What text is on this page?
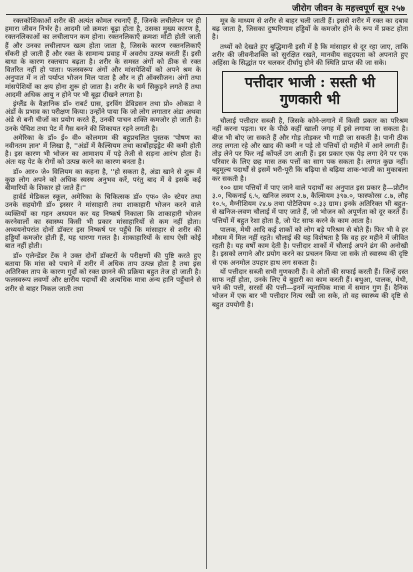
जीरोग जीवन के महत्त्वपूर्ण सूत्र २५७

रक्तकोशिकाओं शरीर की अत्यंत कोमल रचनाएँ हैं, जिनके लचीलेपन पर ही हमारा जीवन निर्भर है। आदमी जो क्रमशः बूढ़ा होता है, उसका मुख्य कारण है, रक्तनलिकाओं का लचीलापन कम होना। रक्तनलिकाएँ क्रमशः मोटी होती जाती हैं और उनका लचीलापन खत्म होता जाता है, जिसके कारण रक्तनलिकाएँ सँकरी हो जाती हैं और रक्त के सामान्य प्रवाह में अवरोध उत्पन्न करती हैं। इसी बाधा के कारण रक्तचाप बढ़ता है। शरीर के समस्त अंगों को ठीक से रक्त वितरित नहीं हो पाता। फलस्वरूप अंगों और मांसपेशियों को अपने श्रम के अनुपात में न तो पर्याप्त भोजन मिल पाता है और न ही ऑक्सीजन। अंगों तथा मांसपेशियों का क्षय होना शुरू हो जाता है। शरीर के चर्म सिकुड़ने लगते हैं तथा आदमी अधिक आयु न होने पर भी बूढ़ा दीखने लगता है।

इंग्लैंड के वैज्ञानिक डॉ० राबर्ट ग्रास, इरविंग डेविडसन तथा प्रो० ओकडा ने अंडों के प्रभाव का परीक्षण किया। उन्होंने पाया कि जो लोग लगातार अंडा अथवा अंडे से बनी चीजों का प्रयोग करते हैं, उनकी पाचन शक्ति कमजोर हो जाती है। उनके पेचिश तथा पेट में गैस बनने की शिकायत रहने लगती है।

अमेरिका के डॉ० ई० वी० कोलमाम की बहुप्रचलित पुस्तक 'पोषण का नवीनतम ज्ञान' में लिखा है, ''अंडों में कैल्सियम तथा कार्बोहाइड्रेट की कमी होती है। इस कारण भी भोजन का आमाशय में पड़े तेजी से सड़ना आरंभ होता है। अंतः यह पेट के रोगों को उत्पन्न करने का कारण बनता है।

डॉ० आर० जे० विलियम का कहना है, ''हो सकता है, अंडा खाने से शुरू में कुछ लोग अपने को अधिक स्वस्थ अनुभव करें, परंतु बाद में वे इसके कई बीमारियों के शिकार हो जाते हैं।''

हार्वर्ड मेडिकल स्कूल, अमेरिका के चिकित्सक डॉ० एफ० जे० स्टेयर तथा उनके सहयोगी डॉ० इस्सर ने मांसाहारी तथा शाकाहारी भोजन करने वाले व्यक्तियों का गहन अध्ययन कर यह निष्कर्ष निकाला कि शाकाहारी भोजन करनेवालों का स्वास्थ्य किसी भी प्रकार मांसाहारियों से कम नहीं होता। अध्ययनोपरांत दोनों डॉक्टर इस निष्कर्ष पर पहुँचे कि मांसाहार से शरीर की हड्डियाँ कमजोर होती हैं, यह धारणा गलत है। शाकाहारियों के साथ ऐसी कोई बात नहीं होती।

डॉ० एलेन्डेंडर टेंक ने उक्त दोनों डॉक्टरों के परीक्षणों की पुष्टि करते हुए बताया कि मांस को पचाने में शरीर में अधिक ताप उत्पन्न होता है तथा इस अतिरिक्त ताप के कारण गुर्दों को रक्त छानने की प्रक्रिया बहुत तेज हो जाती है। फलस्वरूप लवणों और क्षारीय पदार्थों की अत्यधिक मात्रा अन्य हानि पहुँचाने से शरीर से बाहर निकल जाती तथा

मूत्र के माध्यम से शरीर से बाहर चली जाती हैं। इससे शरीर में रक्त का दबाव बढ़ जाता है, जिसका दुष्परिणाम हड्डियों के कमजोर होने के रूप में प्रकट होता है।

तथ्यों को देखते हुए बुद्धिमानी इसी में है कि मांसाहार से दूर रहा जाए, ताकि शरीर की जीवनीशक्ति को सुरक्षित रखते, मानवीय सहृदयता को अपनाते हुए अहिंसा के सिद्धांत पर चलकर दीर्घायु होने की स्थिति प्राप्त की जा सके।

पत्तीदार भाजी : सस्ती भी गुणकारी भी

चौलाई पत्तीदार सब्जी है, जिसके कोने-लगाने में किसी प्रकार का परिश्रम नहीं करना पड़ता। घर के पीछे कहीं खाली जगह में इसे लगाया जा सकता है। बीज भी बोए जा सकते हैं और गोड़ तोड़कर भी गाड़ी जा सकती है। पानी ठीक तरह लगता रहे और खाद की कमी न पड़े तो पत्तियों दो महीने में आने लगती हैं। तोड़ लेने पर फिर नई कोंपलें उग आती हैं। इस प्रकार एक पेड़ लगा देने पर एक परिवार के लिए छह मास तक पत्तों का साग पक सकता है। लागत कुछ नहीं। बहुमूल्य पदार्थों से इसमें भरी-पूरी कि बढ़िया से बढ़िया शाक-भाजी का मुकाबला कर सकती है।

१०० ग्राम पत्तियों में पाए जाने वाले पदार्थों का अनुपात इस प्रकार है—प्रोटीन ३.०, चिकनाई ६.५, खनिज लवण २.७, कैल्सियम ३९७.०, फास्फोरस ८.७, लौह १०.५, मैग्नीशियम २४.७ तथा पोटैशियम ०.३३ ग्राम। इनके अतिरिक्त भी बहुत-से खनिज-लवण चौलाई में पाए जाते हैं, जो भोजन को अपूर्णता को दूर करते हैं। पत्तियों में बहुत रेशा होता है, जो पेट साफ करने के काम आता है।

पालक, मेथी आदि कई शाकों को लोग बड़े परिश्रम से बोते हैं। फिर भी वे हर मौसम में मिल नहीं रहते। चौलाई की यह विशेषता है कि वह हर महीने में जीवित रहती है। यह वर्षों काम देती है। पत्तीदार शाकों में चौलाई अपने ढंग की अनोखी है। इसको लगाने और प्रयोग करने का प्रचलन किया जा सके तो स्वास्थ्य की दृष्टि से एक अनमोल उपहार हाथ लग सकता है।

यों पत्तीदार सब्जी सभी गुणकारी हैं। वे ओतों की सफाई करती हैं। जिन्हें दस्त साफ नहीं होता, उनके लिए ये बुहारी का काम करती हैं। बथुआ, पालक, मेथी, चने की पत्ती, सरसों की पत्ती—इनमें न्यूनाधिक मात्रा में समान गुण हैं। दैनिक भोजन में एक बार भी पत्तीदार नित्य रखी जा सके, तो वह स्वास्थ्य की दृष्टि से बहुत उपयोगी है।
